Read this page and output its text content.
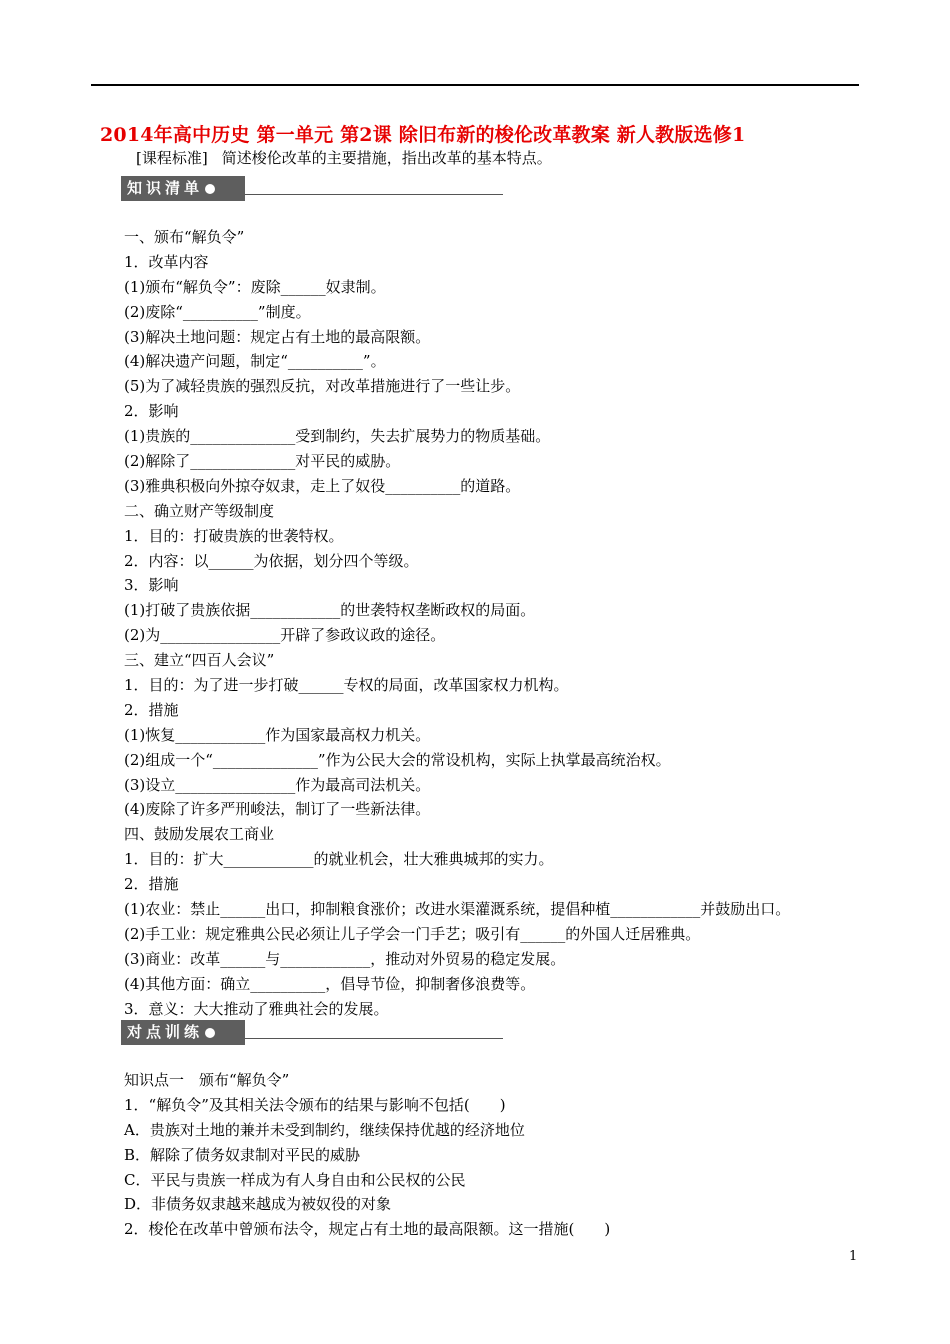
2014年高中历史 第一单元 第2课 除旧布新的梭伦改革教案 新人教版选修1
[课程标准] 简述梭伦改革的主要措施，指出改革的基本特点。
知识清单
一、颁布“解负令”
1．改革内容
(1)颁布“解负令”：废除______奴隶制。
(2)废除“__________”制度。
(3)解决土地问题：规定占有土地的最高限额。
(4)解决遗产问题，制定“__________”。
(5)为了减轻贵族的强烈反抗，对改革措施进行了一些让步。
2．影响
(1)贵族的______________受到制约，失去扩展势力的物质基础。
(2)解除了______________对平民的威胁。
(3)雅典积极向外掠夺奴隶，走上了奴役__________的道路。
二、确立财产等级制度
1．目的：打破贵族的世袭特权。
2．内容：以______为依据，划分四个等级。
3．影响
(1)打破了贵族依据____________的世袭特权垄断政权的局面。
(2)为________________开辟了参政议政的途径。
三、建立“四百人会议”
1．目的：为了进一步打破______专权的局面，改革国家权力机构。
2．措施
(1)恢复____________作为国家最高权力机关。
(2)组成一个“______________”作为公民大会的常设机构，实际上执掌最高统治权。
(3)设立________________作为最高司法机关。
(4)废除了许多严刑峻法，制订了一些新法律。
四、鼓励发展农工商业
1．目的：扩大____________的就业机会，壮大雅典城邦的实力。
2．措施
(1)农业：禁止______出口，抑制粮食涨价；改进水渠灌溉系统，提倡种植____________并鼓励出口。
(2)手工业：规定雅典公民必须让儿子学会一门手艺；吸引有______的外国人迁居雅典。
(3)商业：改革______与____________，推动对外贸易的稳定发展。
(4)其他方面：确立__________，倡导节俭，抑制奢侈浪费等。
3．意义：大大推动了雅典社会的发展。
对点训练
知识点一　颁布“解负令”
1．“解负令”及其相关法令颁布的结果与影响不包括(　　)
A．贵族对土地的兼并未受到制约，继续保持优越的经济地位
B．解除了债务奴隶制对平民的威胁
C．平民与贵族一样成为有人身自由和公民权的公民
D．非债务奴隶越来越成为被奴役的对象
2．梭伦在改革中曾颁布法令，规定占有土地的最高限额。这一措施(　　)
1
